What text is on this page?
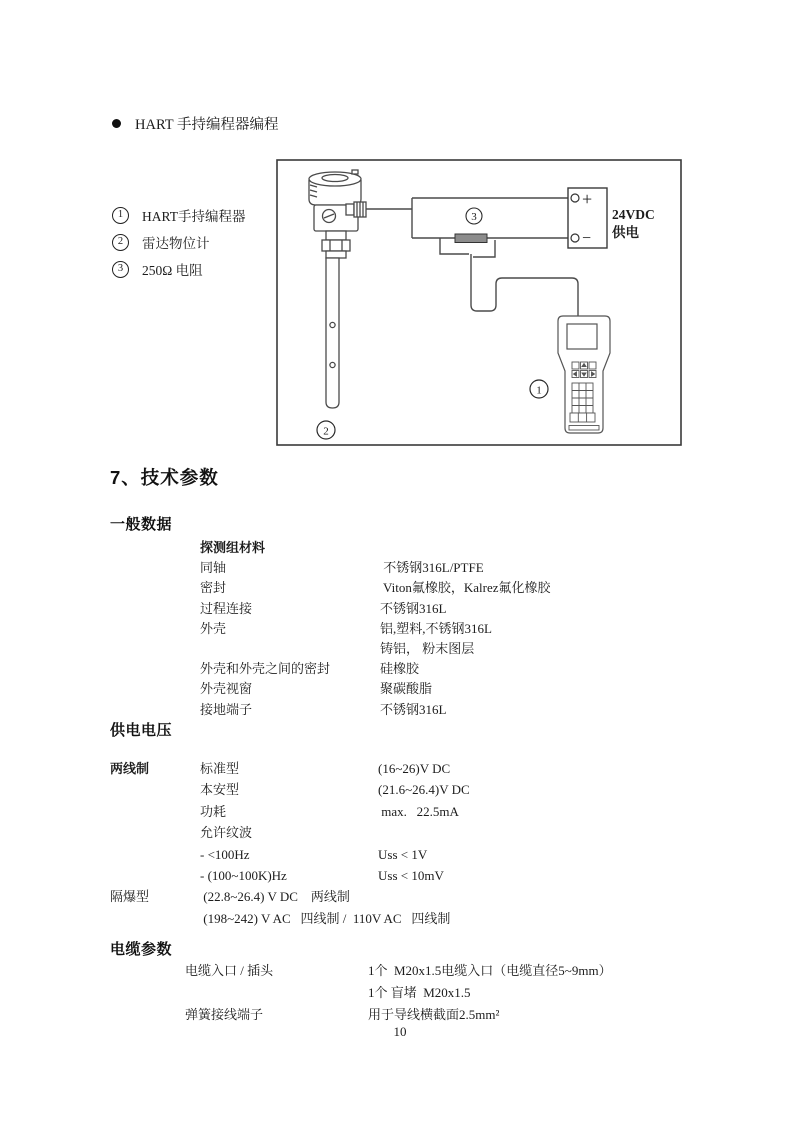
HART 手持编程器编程
1	HART手持编程器
2	雷达物位计
3	250Ω 电阻
3
+
−
24VDC
供电
1
2
7、技术参数
一般数据
探测组材料
同轴	不锈钢316L/PTFE
密封	Viton氟橡胶，Kalrez氟化橡胶
过程连接	不锈钢316L
外壳	铝,塑料,不锈钢316L
铸铝， 粉末图层
外壳和外壳之间的密封	硅橡胶
外壳视窗	聚碳酸脂
接地端子	不锈钢316L
供电电压
两线制	标准型	(16~26)V DC
本安型	(21.6~26.4)V DC
功耗	max.   22.5mA
允许纹波
- <100Hz	Uss < 1V
- (100~100K)Hz	Uss < 10mV
隔爆型	(22.8~26.4) V DC    两线制
(198~242) V AC   四线制 /  110V AC   四线制
电缆参数
电缆入口 / 插头	1个  M20x1.5电缆入口（电缆直径5~9mm）
1个 盲堵  M20x1.5
弹簧接线端子	用于导线横截面2.5mm²
10
